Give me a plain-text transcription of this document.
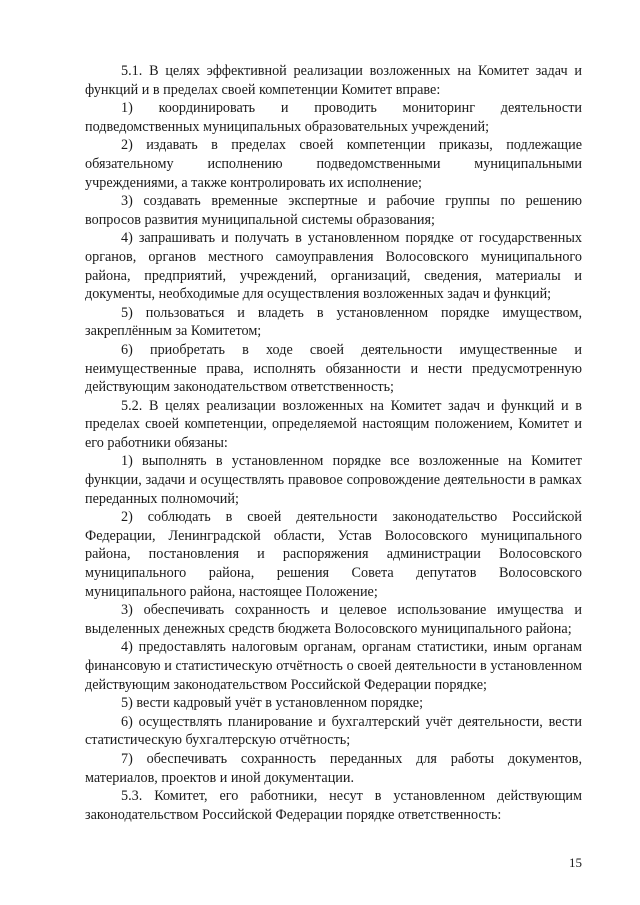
5.1. В целях эффективной реализации возложенных на Комитет задач и функций и в пределах своей компетенции Комитет вправе:

1) координировать и проводить мониторинг деятельности подведомственных муниципальных образовательных учреждений;

2) издавать в пределах своей компетенции приказы, подлежащие обязательному исполнению подведомственными муниципальными учреждениями, а также контролировать их исполнение;

3) создавать временные экспертные и рабочие группы по решению вопросов развития муниципальной системы образования;

4) запрашивать и получать в установленном порядке от государственных органов, органов местного самоуправления Волосовского муниципального района, предприятий, учреждений, организаций, сведения, материалы и документы, необходимые для осуществления возложенных задач и функций;

5) пользоваться и владеть в установленном порядке имуществом, закреплённым за Комитетом;

6) приобретать в ходе своей деятельности имущественные и неимущественные права, исполнять обязанности и нести предусмотренную действующим законодательством ответственность;

5.2. В целях реализации возложенных на Комитет задач и функций и в пределах своей компетенции, определяемой настоящим положением, Комитет и его работники обязаны:

1) выполнять в установленном порядке все возложенные на Комитет функции, задачи и осуществлять правовое сопровождение деятельности в рамках переданных полномочий;

2) соблюдать в своей деятельности законодательство Российской Федерации, Ленинградской области, Устав Волосовского муниципального района, постановления и распоряжения администрации Волосовского муниципального района, решения Совета депутатов Волосовского муниципального района, настоящее Положение;

3) обеспечивать сохранность и целевое использование имущества и выделенных денежных средств бюджета Волосовского муниципального района;

4) предоставлять налоговым органам, органам статистики, иным органам финансовую и статистическую отчётность о своей деятельности в установленном действующим законодательством Российской Федерации порядке;

5) вести кадровый учёт в установленном порядке;

6) осуществлять планирование и бухгалтерский учёт деятельности, вести статистическую бухгалтерскую отчётность;

7) обеспечивать сохранность переданных для работы документов, материалов, проектов и иной документации.

5.3. Комитет, его работники, несут в установленном действующим законодательством Российской Федерации порядке ответственность:

15
